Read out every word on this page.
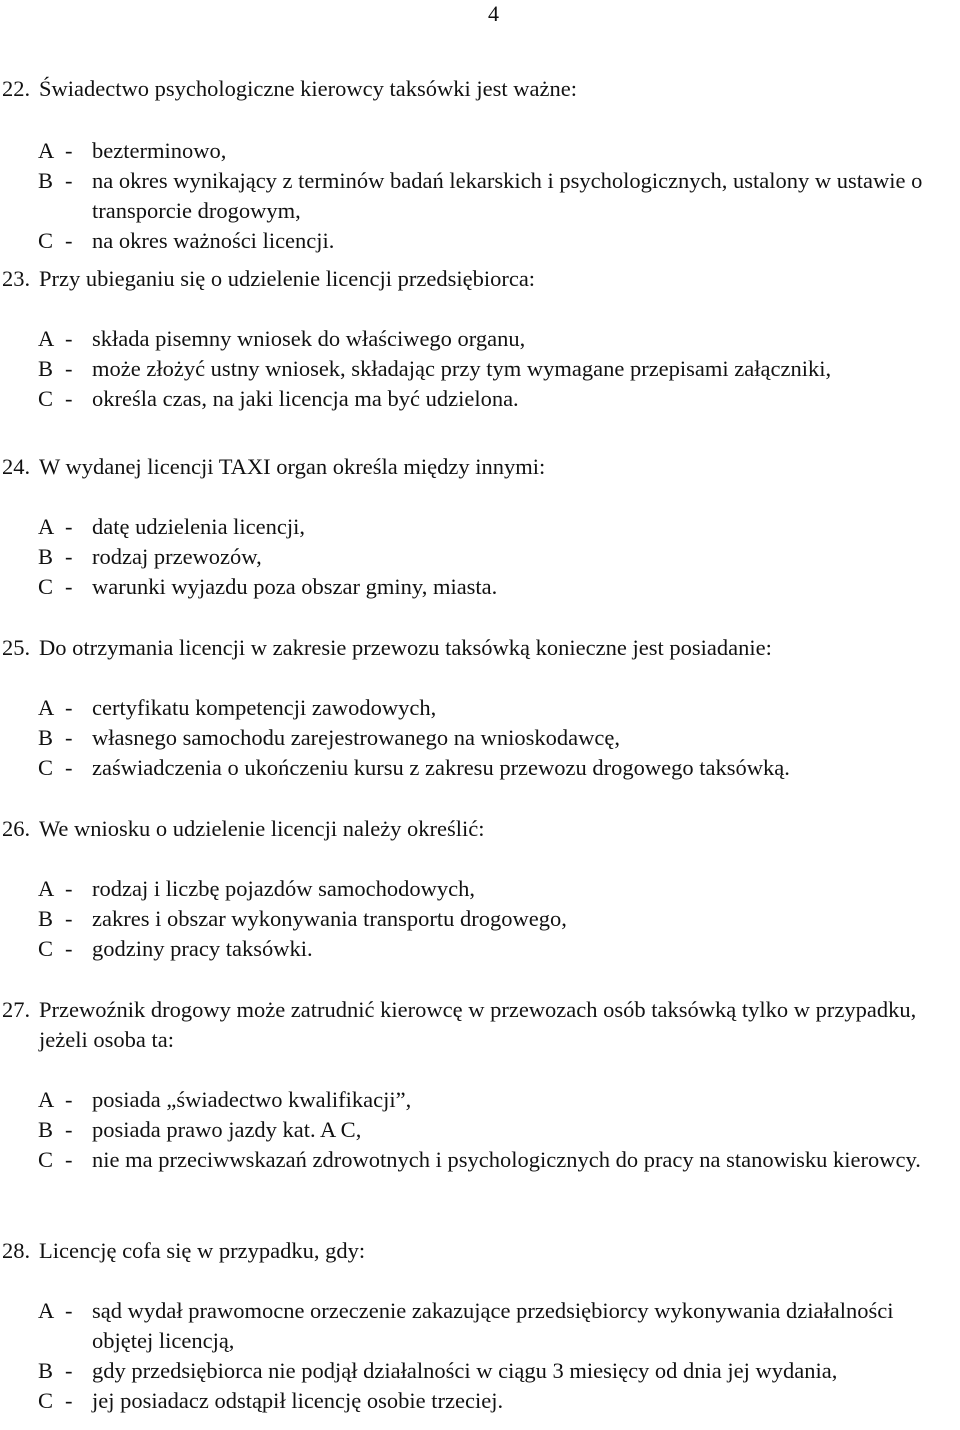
4
22. Świadectwo psychologiczne kierowcy taksówki jest ważne:
A - bezterminowo,
B - na okres wynikający z terminów badań lekarskich i psychologicznych, ustalony w ustawie o transporcie drogowym,
C - na okres ważności licencji.
23. Przy ubieganiu się o udzielenie licencji przedsiębiorca:
A - składa pisemny wniosek do właściwego organu,
B - może złożyć ustny wniosek, składając przy tym wymagane przepisami załączniki,
C - określa czas, na jaki licencja ma być udzielona.
24. W wydanej licencji TAXI organ określa między innymi:
A - datę udzielenia licencji,
B - rodzaj przewozów,
C - warunki wyjazdu poza obszar gminy, miasta.
25. Do otrzymania licencji w zakresie przewozu taksówką konieczne jest posiadanie:
A - certyfikatu kompetencji zawodowych,
B - własnego samochodu zarejestrowanego na wnioskodawcę,
C - zaświadczenia o ukończeniu kursu z zakresu przewozu drogowego taksówką.
26. We wniosku o udzielenie licencji należy określić:
A - rodzaj i liczbę pojazdów samochodowych,
B - zakres i obszar wykonywania transportu drogowego,
C - godziny pracy taksówki.
27. Przewoźnik drogowy może zatrudnić kierowcę w przewozach osób taksówką tylko w przypadku, jeżeli osoba ta:
A - posiada „świadectwo kwalifikacji”,
B - posiada prawo jazdy kat. A C,
C - nie ma przeciwwskazań zdrowotnych i psychologicznych do pracy na stanowisku kierowcy.
28. Licencję cofa się w przypadku, gdy:
A - sąd wydał prawomocne orzeczenie zakazujące przedsiębiorcy wykonywania działalności objętej licencją,
B - gdy przedsiębiorca nie podjął działalności w ciągu 3 miesięcy od dnia jej wydania,
C - jej posiadacz odstąpił licencję osobie trzeciej.
